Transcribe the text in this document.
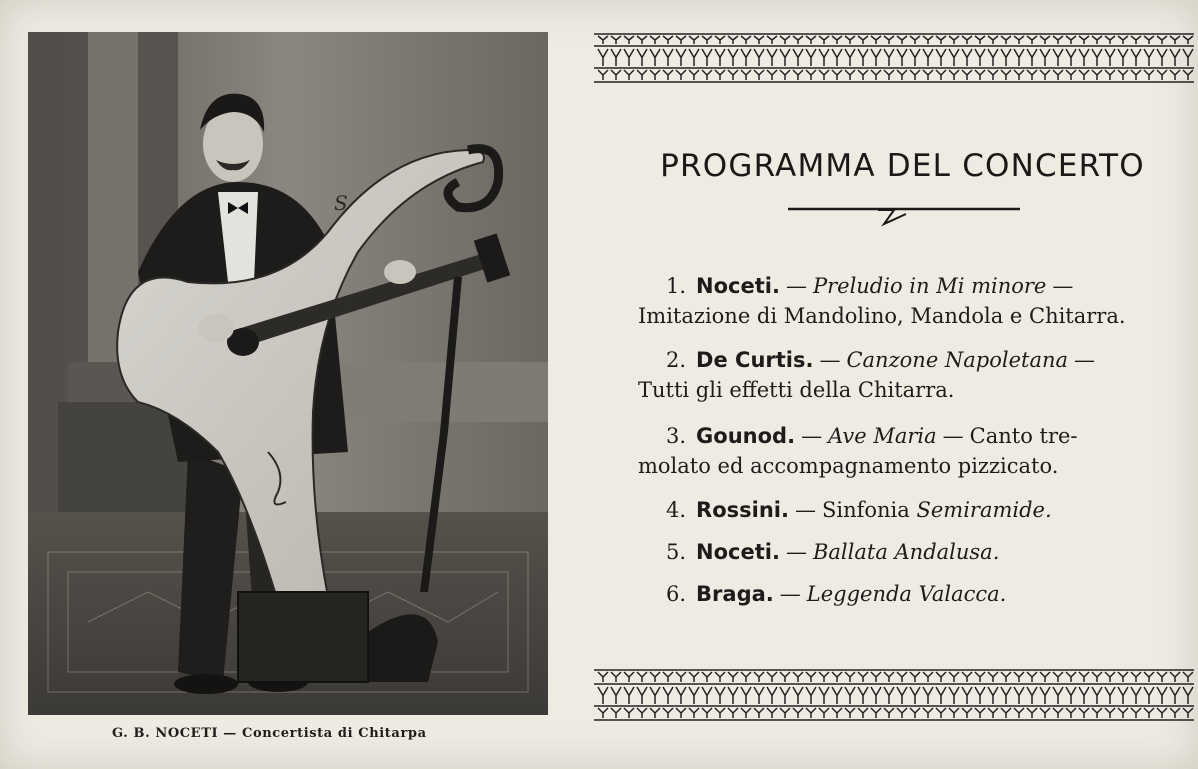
S
G. B. NOCETI — Concertista di Chitarpa
PROGRAMMA DEL CONCERTO
1. Noceti. — Preludio in Mi minore —
Imitazione di Mandolino, Mandola e Chitarra.
2. De Curtis. — Canzone Napoletana —
Tutti gli effetti della Chitarra.
3. Gounod. — Ave Maria — Canto tre-
molato ed accompagnamento pizzicato.
4. Rossini. — Sinfonia Semiramide.
5. Noceti. — Ballata Andalusa.
6. Braga. — Leggenda Valacca.
